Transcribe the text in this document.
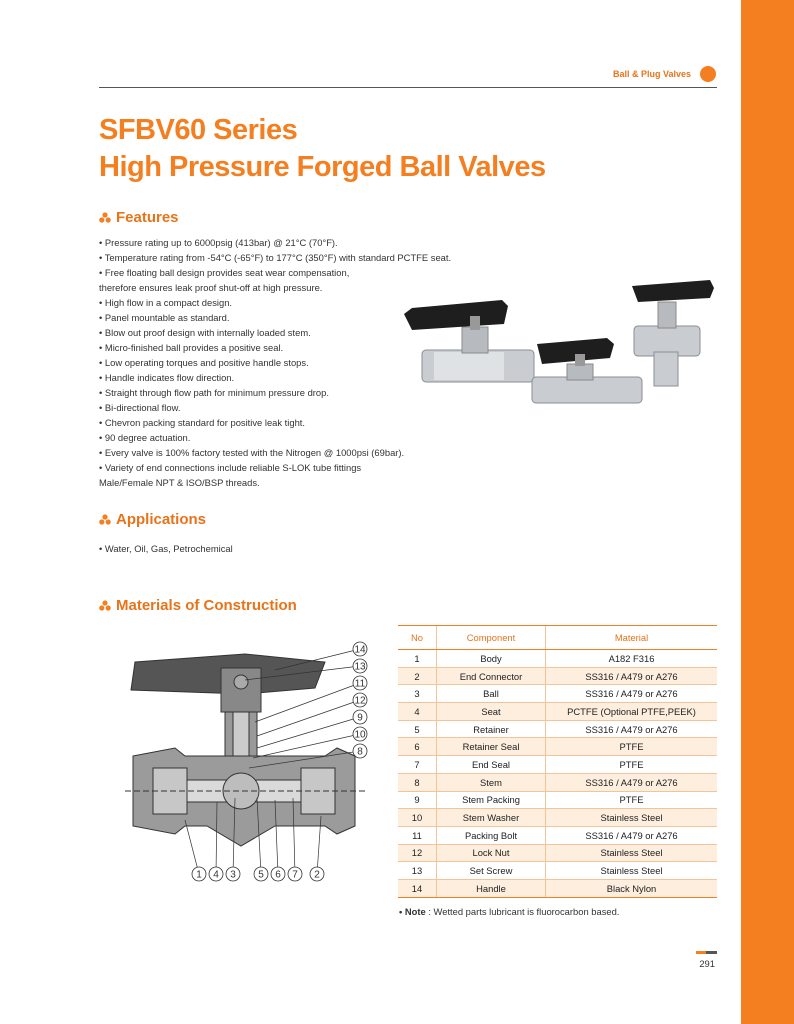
Ball & Plug Valves
SFBV60 Series
High Pressure Forged Ball Valves
Features
• Pressure rating up to 6000psig (413bar) @ 21°C (70°F).
• Temperature rating from -54°C (-65°F) to 177°C (350°F) with standard PCTFE seat.
• Free floating ball design provides seat wear compensation,
therefore ensures leak proof shut-off at high pressure.
• High flow in a compact design.
• Panel mountable as standard.
• Blow out proof design with internally loaded stem.
• Micro-finished ball provides a positive seal.
• Low operating torques and positive handle stops.
• Handle indicates flow direction.
• Straight through flow path for minimum pressure drop.
• Bi-directional flow.
• Chevron packing standard for positive leak tight.
• 90 degree actuation.
• Every valve is 100% factory tested with the Nitrogen @ 1000psi (69bar).
• Variety of end connections include reliable S-LOK tube fittings
Male/Female NPT & ISO/BSP threads.
Applications
• Water, Oil, Gas, Petrochemical
Materials of Construction
14
13
11
12
9
10
8
1 4 3 5 6 7 2
No	Component	Material
1	Body	A182 F316
2	End Connector	SS316 / A479 or A276
3	Ball	SS316 / A479 or A276
4	Seat	PCTFE (Optional PTFE,PEEK)
5	Retainer	SS316 / A479 or A276
6	Retainer Seal	PTFE
7	End Seal	PTFE
8	Stem	SS316 / A479 or A276
9	Stem Packing	PTFE
10	Stem Washer	Stainless Steel
11	Packing Bolt	SS316 / A479 or A276
12	Lock Nut	Stainless Steel
13	Set Screw	Stainless Steel
14	Handle	Black Nylon
• Note : Wetted parts lubricant is fluorocarbon based.
291
